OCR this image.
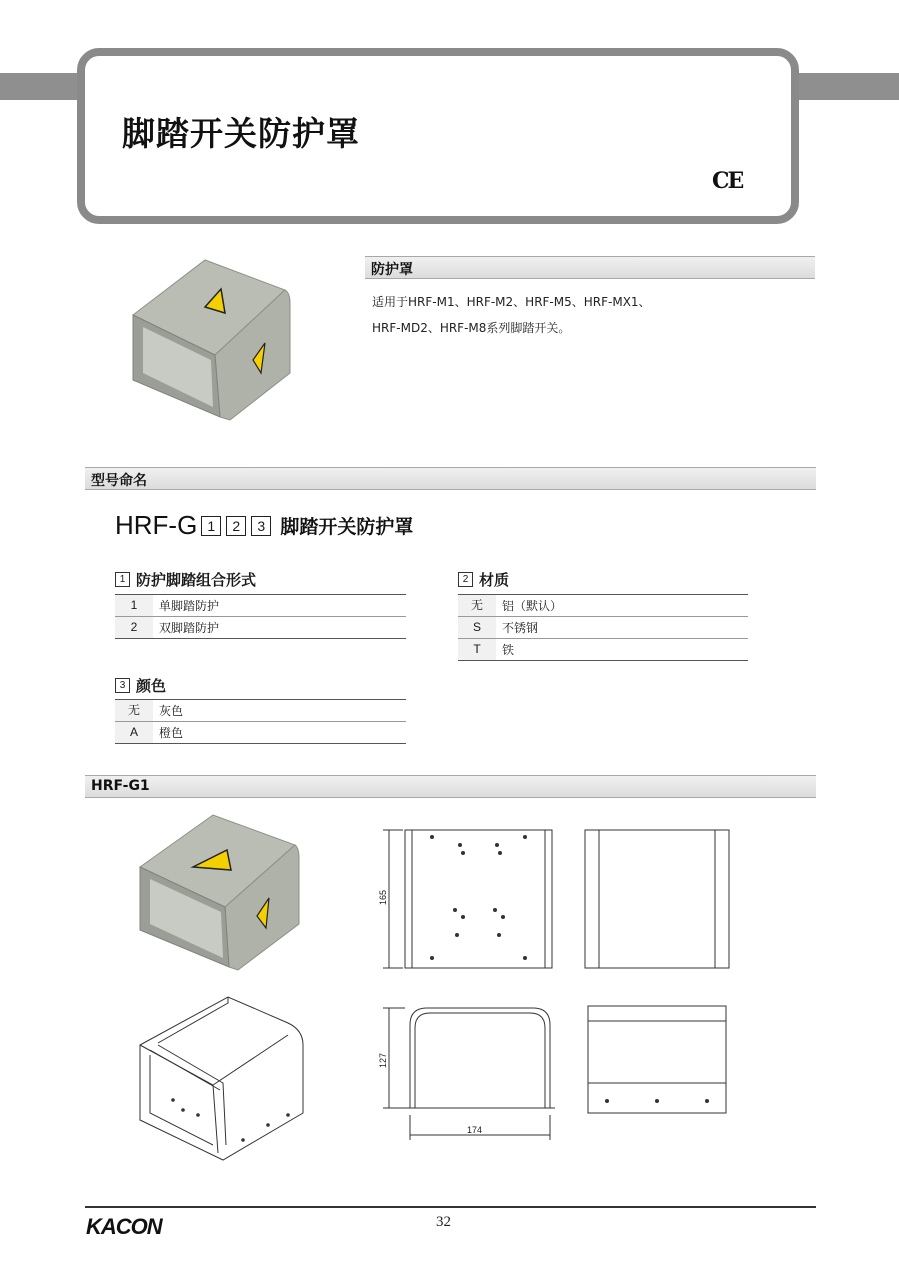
脚踏开关防护罩
CE
防护罩
适用于HRF-M1、HRF-M2、HRF-M5、HRF-MX1、
HRF-MD2、HRF-M8系列脚踏开关。
型号命名
HRF-G 1	2	3 脚踏开关防护罩
1 防护脚踏组合形式
1	单脚踏防护
2	双脚踏防护
2 材质
无	铝（默认）
S	不锈钢
T	铁
3 颜色
无	灰色
A	橙色
HRF-G1
165
127
174
KACON	32
